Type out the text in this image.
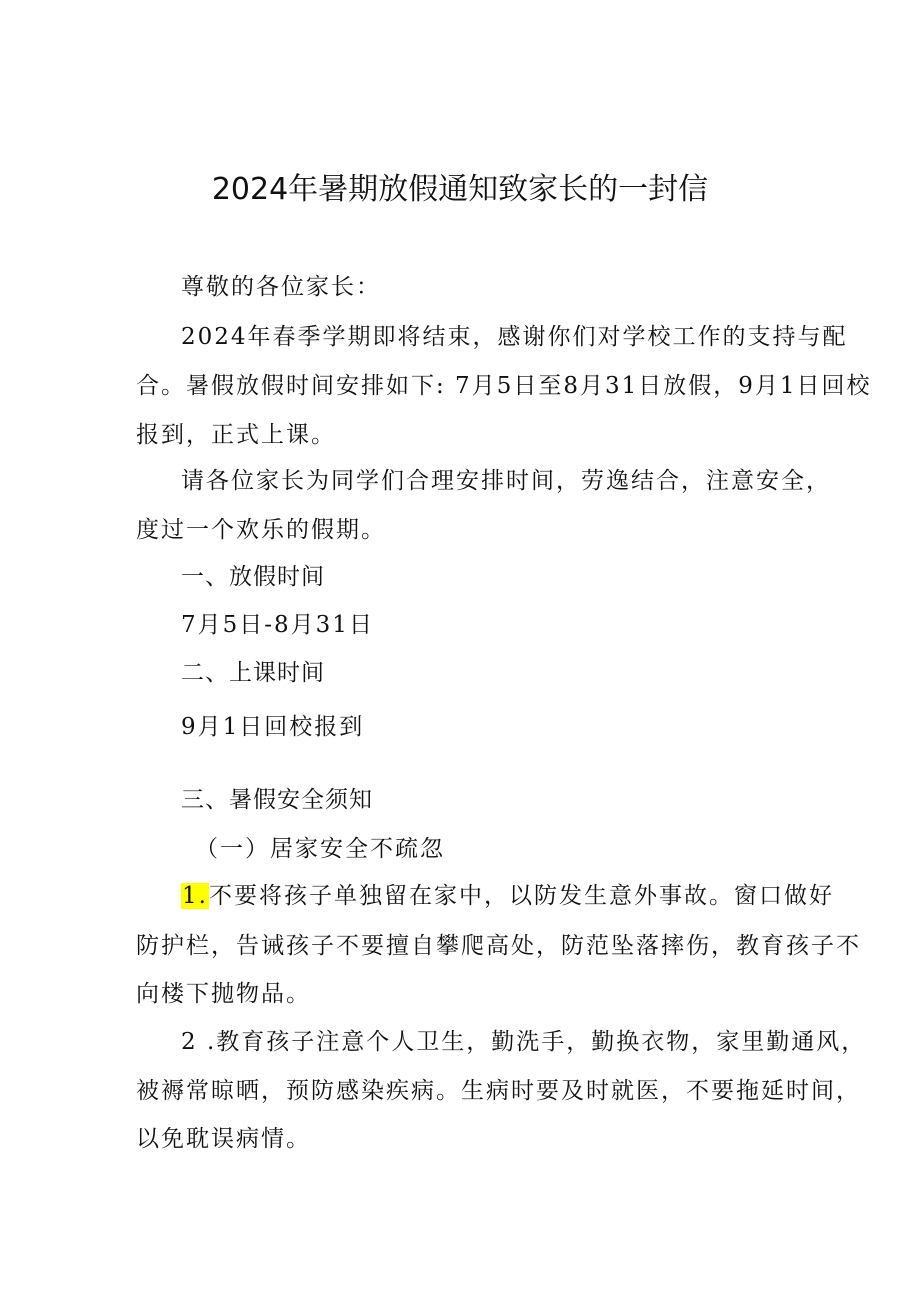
2024年暑期放假通知致家长的一封信
尊敬的各位家长：
2024年春季学期即将结束，感谢你们对学校工作的支持与配
合。暑假放假时间安排如下: 7月5日至8月31日放假，9月1日回校
报到，正式上课。
请各位家长为同学们合理安排时间，劳逸结合，注意安全，
度过一个欢乐的假期。
一、放假时间
7月5日-8月31日
二、上课时间
9月1日回校报到
三、暑假安全须知
（一）居家安全不疏忽
1.不要将孩子单独留在家中，以防发生意外事故。窗口做好
防护栏，告诫孩子不要擅自攀爬高处，防范坠落摔伤，教育孩子不
向楼下抛物品。
2 .教育孩子注意个人卫生，勤洗手，勤换衣物，家里勤通风，
被褥常晾晒，预防感染疾病。生病时要及时就医，不要拖延时间，
以免耽误病情。
